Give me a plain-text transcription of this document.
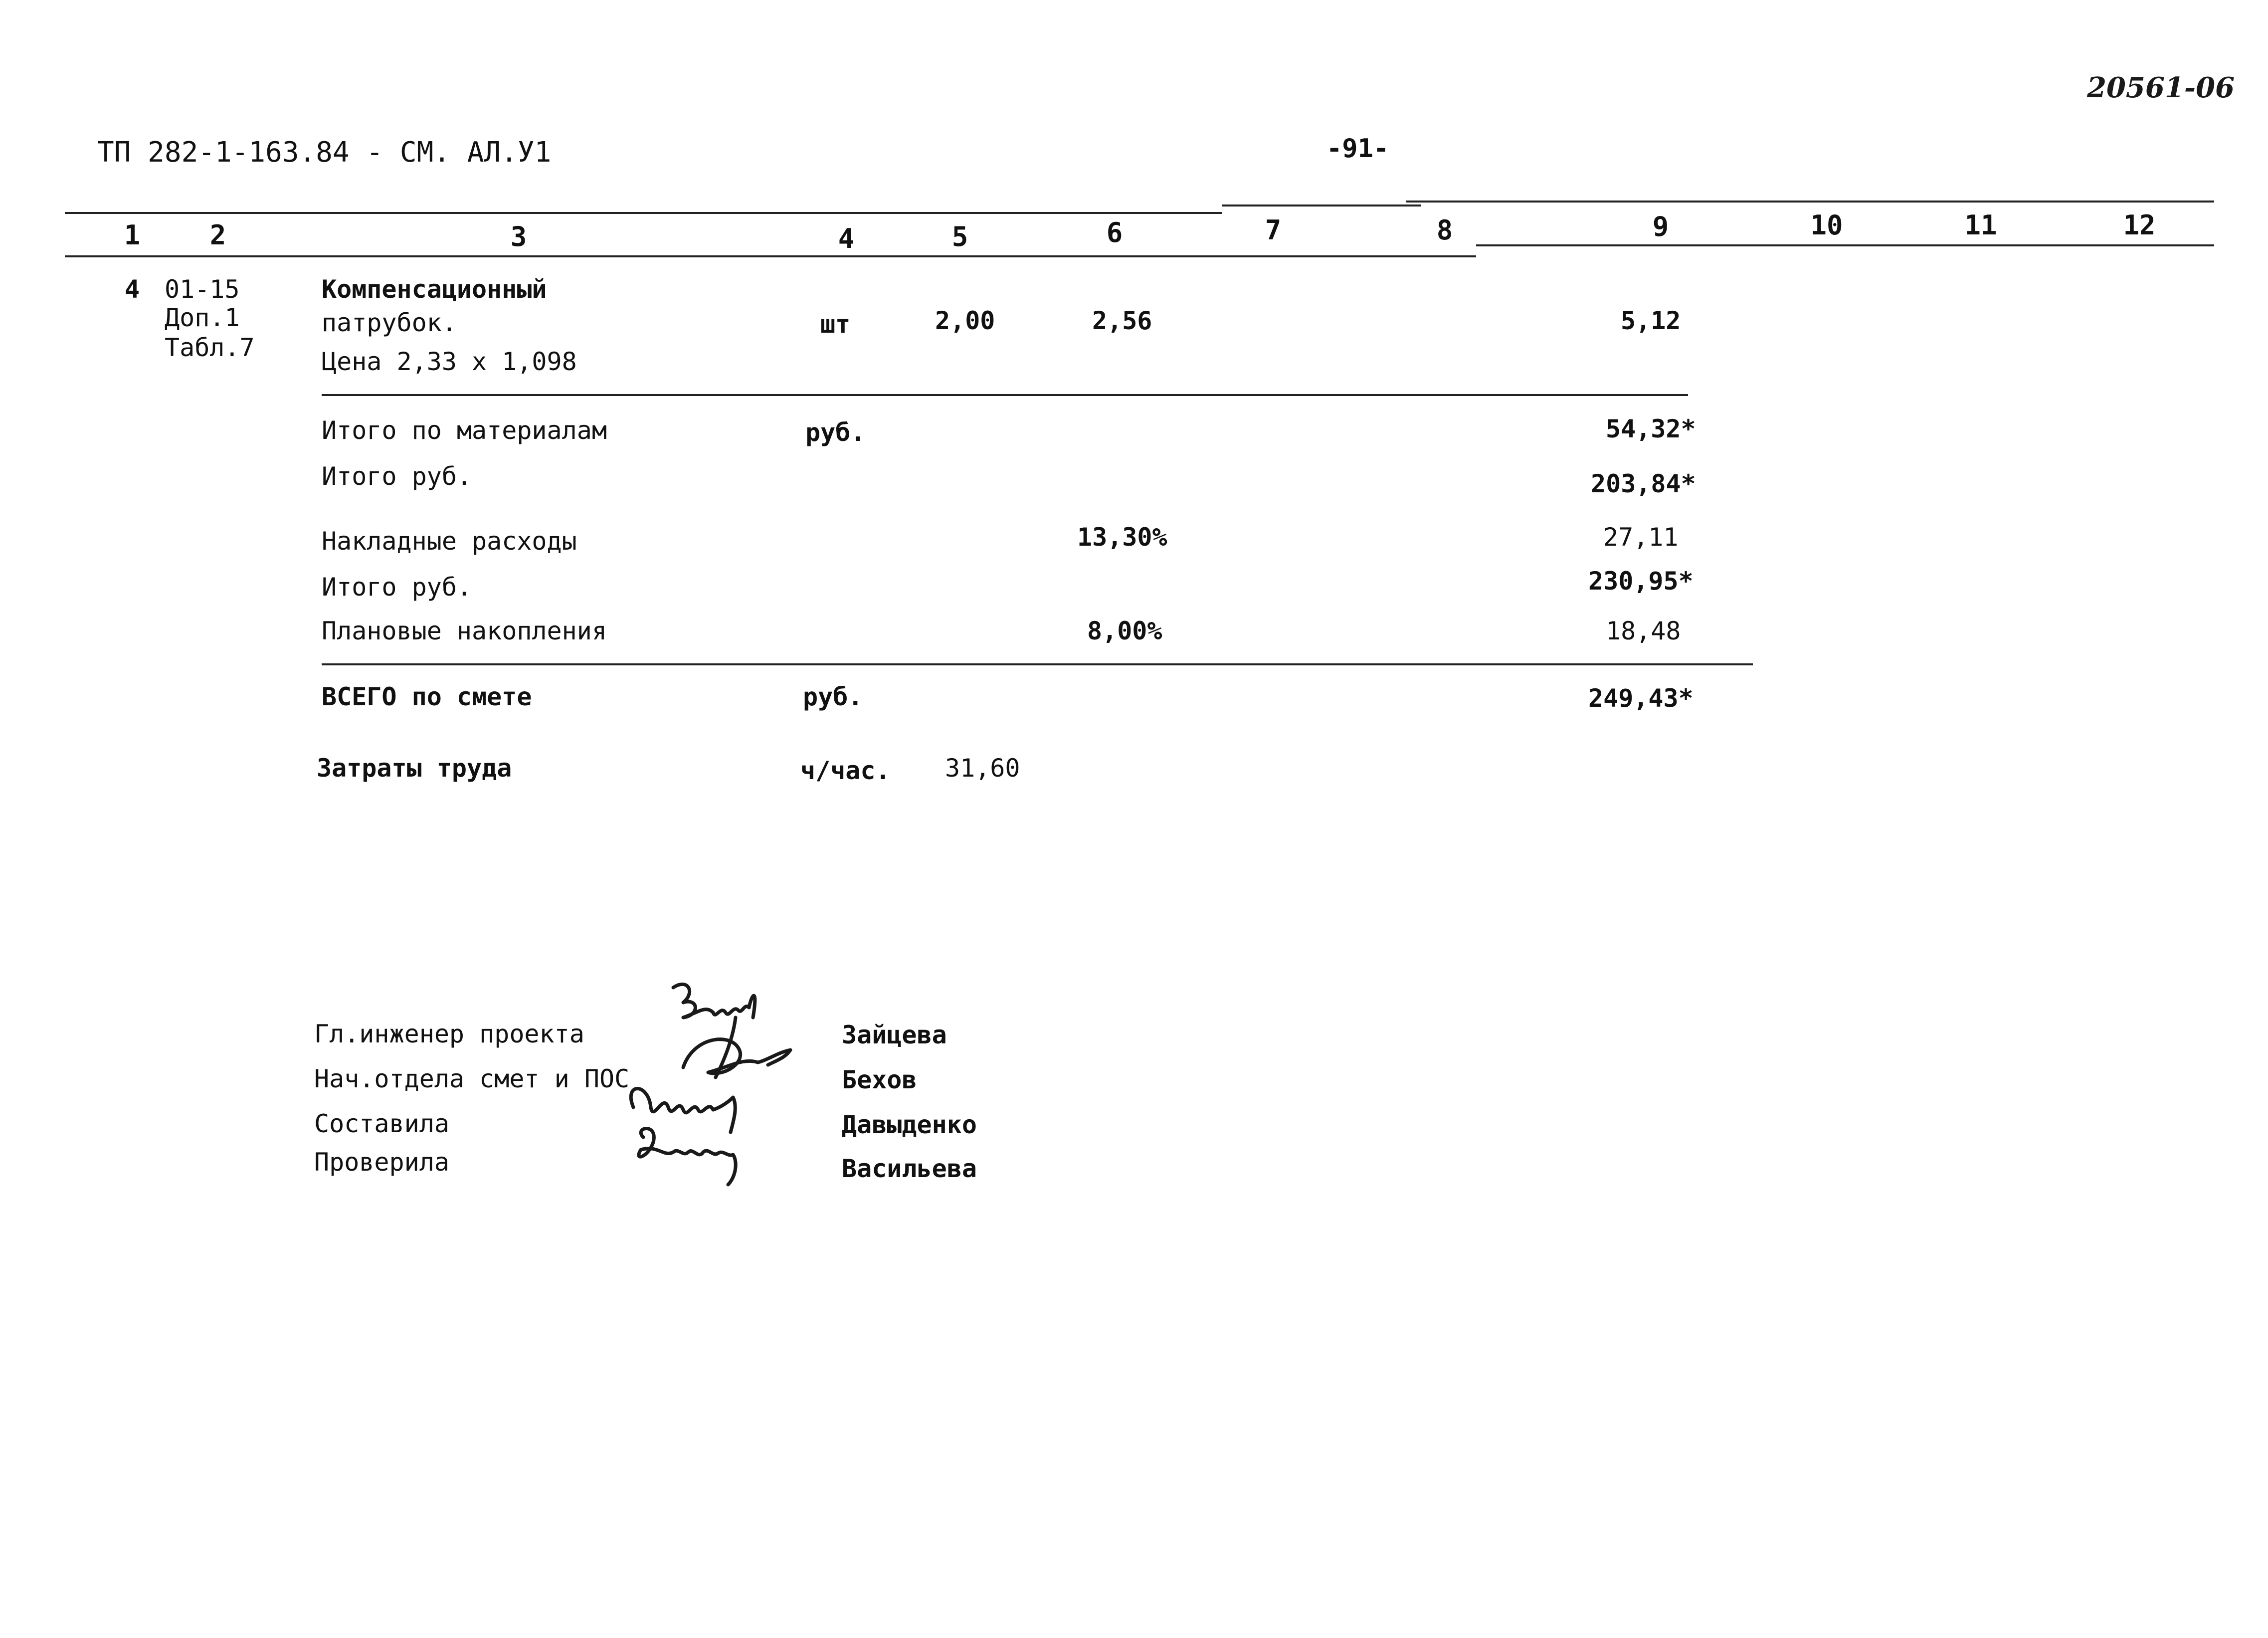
ТП 282-1-163.84 - СМ. АЛ.У1	-91-
20561-06
1	2	3	4	5	6	7	8	9	10	11	12
4 01-15
Доп.1
Табл.7
Компенсационный
патрубок.
Цена 2,33 х 1,098
шт	2,00	2,56	5,12
Итого по материалам	руб.	54,32*
Итого руб.	203,84*
Накладные расходы	13,30%	27,11
Итого руб.	230,95*
Плановые накопления	8,00%	18,48
ВСЕГО по смете	руб.	249,43*
Затраты труда	ч/час. 31,60
Гл.инженер проекта	Зайцева
Нач.отдела смет и ПОС	Бехов
Составила	Давыденко
Проверила	Васильева
